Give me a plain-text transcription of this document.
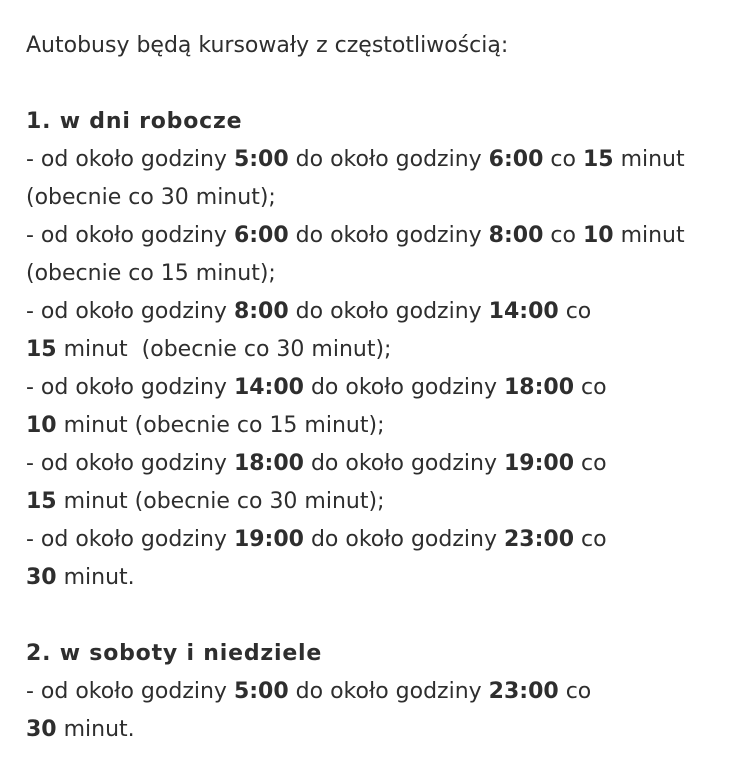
Autobusy będą kursowały z częstotliwością:

1. w dni robocze

- od około godziny 5:00 do około godziny 6:00 co 15 minut

(obecnie co 30 minut);

- od około godziny 6:00 do około godziny 8:00 co 10 minut

(obecnie co 15 minut);

- od około godziny 8:00 do około godziny 14:00 co

15 minut  (obecnie co 30 minut);

- od około godziny 14:00 do około godziny 18:00 co

10 minut (obecnie co 15 minut);

- od około godziny 18:00 do około godziny 19:00 co

15 minut (obecnie co 30 minut);

- od około godziny 19:00 do około godziny 23:00 co

30 minut.

2. w soboty i niedziele

- od około godziny 5:00 do około godziny 23:00 co

30 minut.
